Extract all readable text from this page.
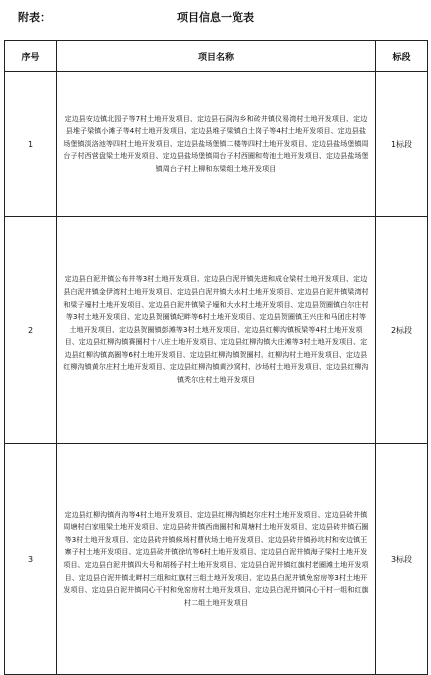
项目信息一览表
附表：
序号	项目名称	标段
1	定边县安边镇北园子等7村土地开发项目、定边县石洞沟乡和砖井镇仪易湾村土地开发项目、定边县堆子梁镇小滩子等4村土地开发项目、定边县堆子梁镇白土岗子等4村土地开发项目、定边县盐场堡镇淡洛池等四村土地开发项目、定边县盐场堡镇二楼等四村土地开发项目、定边县盐场堡镇周台子村西营盘梁土地开发项目、定边县盐场堡镇周台子村西圈和苟池土地开发项目、定边县盐场堡镇周台子村上柳和东梁组土地开发项目	1标段
2	定边县白泥井镇公布井等3村土地开发项目、定边县白泥井镇先进和成仓梁村土地开发项目、定边县白泥井镇金伊湾村土地开发项目、定边县白泥井镇大水村土地开发项目、定边县白泥井镇梁湾村和梁子壕村土地开发项目、定边县白泥井镇梁子壕和大水村土地开发项目、定边县贺圈镇白尔庄村等3村土地开发项目、定边县贺圈镇纪畔等6村土地开发项目、定边县贺圈镇王兴庄和马团庄村等土地开发项目、定边县贺圈镇彭滩等3村土地开发项目、定边县红柳沟镇板梁等4村土地开发项目、定边县红柳沟镇赛圈村十八庄土地开发项目、定边县红柳沟镇大庄滩等3村土地开发项目、定边县红柳沟镇高圈等6村土地开发项目、定边县红柳沟镇贺圈村、红柳沟村土地开发项目、定边县红柳沟镇黄尔庄村土地开发项目、定边县红柳沟镇黄沙窝村、沙场村土地开发项目、定边县红柳沟镇秃尔庄村土地开发项目	2标段
3	定边县红柳沟镇肖沟等4村土地开发项目、定边县红柳沟镇赵尔庄村土地开发项目、定边县砖井镇周塘村白家咀梁土地开发项目、定边县砖井镇西南圈村和周塘村土地开发项目、定边县砖井镇石圈等3村土地开发项目、定边县砖井镇候场村曹伙场土地开发项目、定边县砖井镇孙坑村和安边镇王寨子村土地开发项目、定边县砖井镇徐坑等6村土地开发项目、定边县白泥井镇海子梁村土地开发项目、定边县白泥井镇四大号和胡杨子村土地开发项目、定边县白泥井镇红旗村老圈滩土地开发项目、定边县白泥井镇北畔村三组和红旗村三组土地开发项目、定边县白泥井镇免窑房等3村土地开发项目、定边县白泥井镇同心干村和免窑房村土地开发项目、定边县白泥井镇同心干村一组和红旗村二组土地开发项目	3标段
